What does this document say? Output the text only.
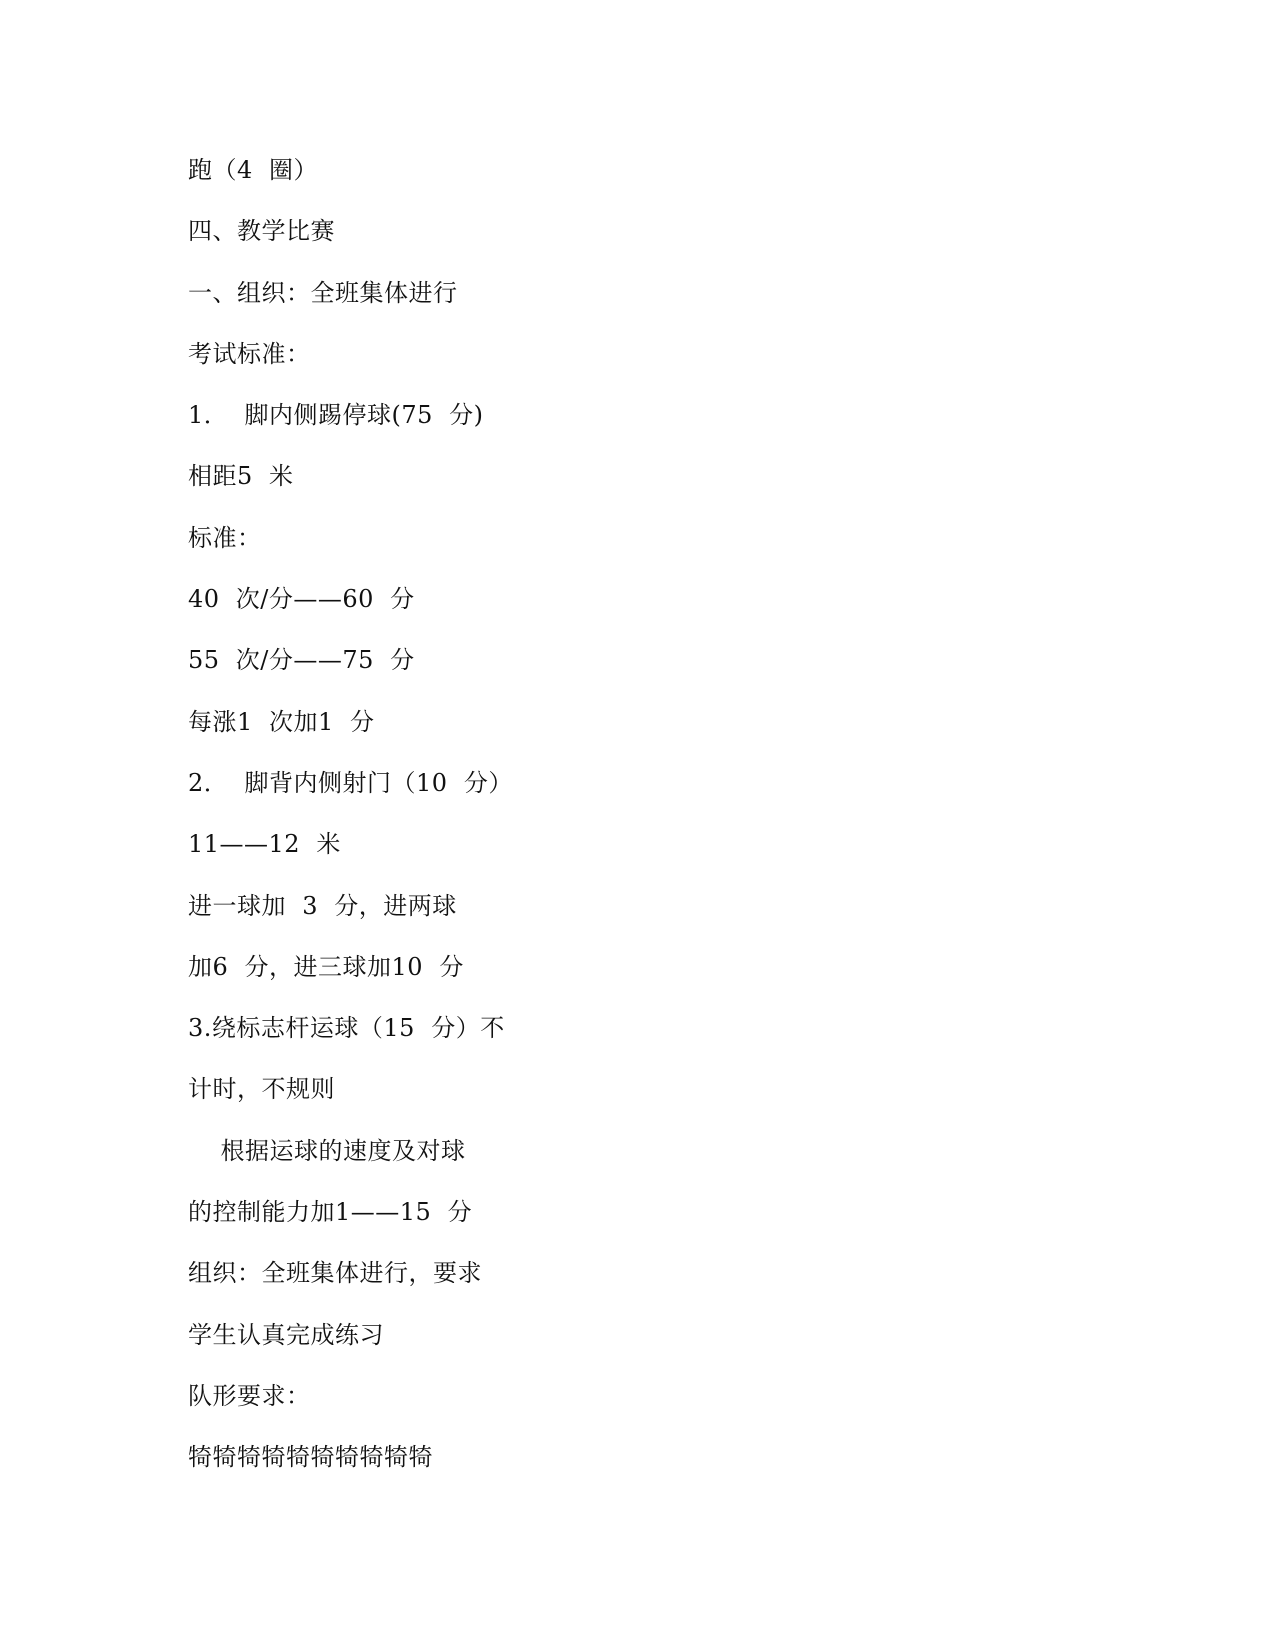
跑（4  圈）
四、教学比赛
一、组织：全班集体进行
考试标准：
1．  脚内侧踢停球(75  分)
相距5  米
标准：
40  次/分——60  分
55  次/分——75  分
每涨1  次加1  分
2．  脚背内侧射门（10  分）
11——12  米
进一球加  3  分，进两球
加6  分，进三球加10  分
3.绕标志杆运球（15  分）不
计时，不规则
根据运球的速度及对球
的控制能力加1——15  分
组织：全班集体进行，要求
学生认真完成练习
队形要求：
犄犄犄犄犄犄犄犄犄犄
